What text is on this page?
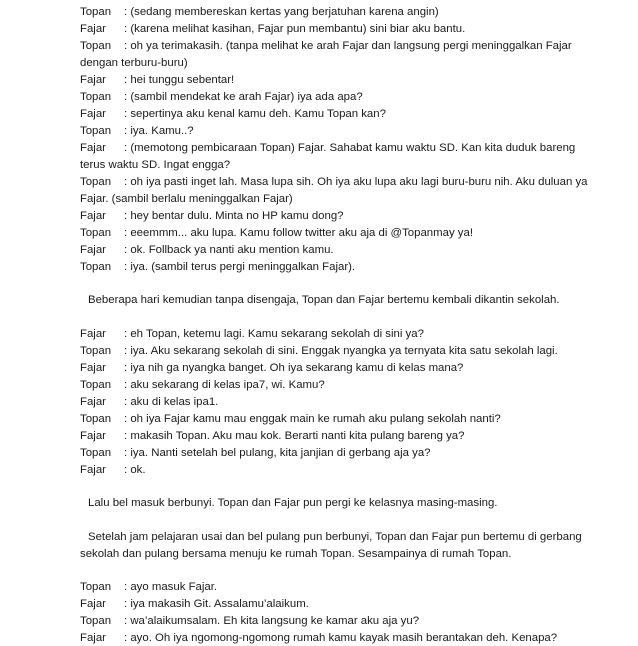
Topan : (sedang membereskan kertas yang berjatuhan karena angin)
Fajar : (karena melihat kasihan, Fajar pun membantu) sini biar aku bantu.
Topan : oh ya terimakasih. (tanpa melihat ke arah Fajar dan langsung pergi meninggalkan Fajar
dengan terburu-buru)
Fajar : hei tunggu sebentar!
Topan : (sambil mendekat ke arah Fajar) iya ada apa?
Fajar : sepertinya aku kenal kamu deh. Kamu Topan kan?
Topan : iya. Kamu..?
Fajar : (memotong pembicaraan Topan) Fajar. Sahabat kamu waktu SD. Kan kita duduk bareng
terus waktu SD. Ingat engga?
Topan : oh iya pasti inget lah. Masa lupa sih. Oh iya aku lupa aku lagi buru-buru nih. Aku duluan ya
Fajar. (sambil berlalu meninggalkan Fajar)
Fajar : hey bentar dulu. Minta no HP kamu dong?
Topan : eeemmm... aku lupa. Kamu follow twitter aku aja di @Topanmay ya!
Fajar : ok. Follback ya nanti aku mention kamu.
Topan : iya. (sambil terus pergi meninggalkan Fajar).
Beberapa hari kemudian tanpa disengaja, Topan dan Fajar bertemu kembali dikantin sekolah.
Fajar : eh Topan, ketemu lagi. Kamu sekarang sekolah di sini ya?
Topan : iya. Aku sekarang sekolah di sini. Enggak nyangka ya ternyata kita satu sekolah lagi.
Fajar : iya nih ga nyangka banget. Oh iya sekarang kamu di kelas mana?
Topan : aku sekarang di kelas ipa7, wi. Kamu?
Fajar : aku di kelas ipa1.
Topan : oh iya Fajar kamu mau enggak main ke rumah aku pulang sekolah nanti?
Fajar : makasih Topan. Aku mau kok. Berarti nanti kita pulang bareng ya?
Topan : iya. Nanti setelah bel pulang, kita janjian di gerbang aja ya?
Fajar : ok.
Lalu bel masuk berbunyi. Topan dan Fajar pun pergi ke kelasnya masing-masing.
Setelah jam pelajaran usai dan bel pulang pun berbunyi, Topan dan Fajar pun bertemu di gerbang
sekolah dan pulang bersama menuju ke rumah Topan. Sesampainya di rumah Topan.
Topan : ayo masuk Fajar.
Fajar : iya makasih Git. Assalamu’alaikum.
Topan : wa’alaikumsalam. Eh kita langsung ke kamar aku aja yu?
Fajar : ayo. Oh iya ngomong-ngomong rumah kamu kayak masih berantakan deh. Kenapa?
